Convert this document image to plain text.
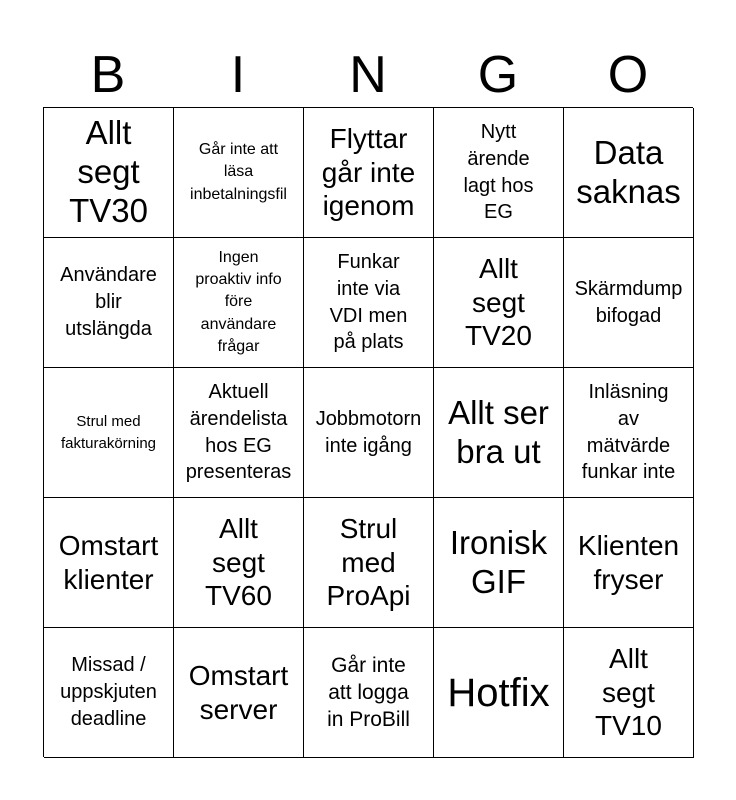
B	I	N	G	O
Allt
segt
TV30
Går inte att
läsa
inbetalningsfil
Flyttar
går inte
igenom
Nytt
ärende
lagt hos
EG
Data
saknas
Användare
blir
utslängda
Ingen
proaktiv info
före
användare
frågar
Funkar
inte via
VDI men
på plats
Allt
segt
TV20
Skärmdump
bifogad
Strul med
fakturakörning
Aktuell
ärendelista
hos EG
presenteras
Jobbmotorn
inte igång
Allt ser
bra ut
Inläsning
av
mätvärde
funkar inte
Omstart
klienter
Allt
segt
TV60
Strul
med
ProApi
Ironisk
GIF
Klienten
fryser
Missad /
uppskjuten
deadline
Omstart
server
Går inte
att logga
in ProBill
Hotfix
Allt
segt
TV10
